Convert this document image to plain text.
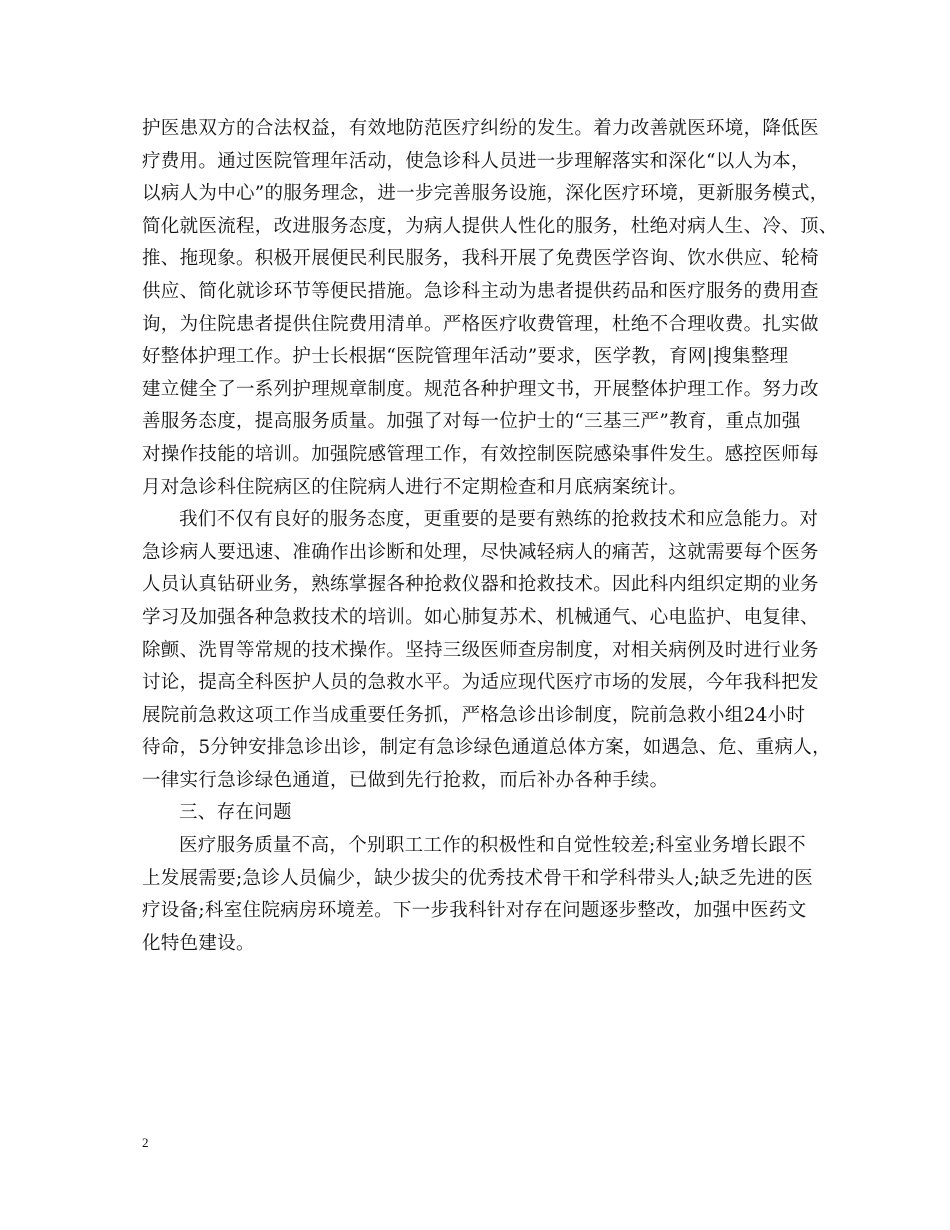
护医患双方的合法权益，有效地防范医疗纠纷的发生。着力改善就医环境，降低医
疗费用。通过医院管理年活动，使急诊科人员进一步理解落实和深化“以人为本，
以病人为中心”的服务理念，进一步完善服务设施，深化医疗环境，更新服务模式，
简化就医流程，改进服务态度，为病人提供人性化的服务，杜绝对病人生、冷、顶、
推、拖现象。积极开展便民利民服务，我科开展了免费医学咨询、饮水供应、轮椅
供应、简化就诊环节等便民措施。急诊科主动为患者提供药品和医疗服务的费用查
询，为住院患者提供住院费用清单。严格医疗收费管理，杜绝不合理收费。扎实做
好整体护理工作。护士长根据“医院管理年活动”要求，医学教，育网|搜集整理
建立健全了一系列护理规章制度。规范各种护理文书，开展整体护理工作。努力改
善服务态度，提高服务质量。加强了对每一位护士的“三基三严”教育，重点加强
对操作技能的培训。加强院感管理工作，有效控制医院感染事件发生。感控医师每
月对急诊科住院病区的住院病人进行不定期检查和月底病案统计。
我们不仅有良好的服务态度，更重要的是要有熟练的抢救技术和应急能力。对
急诊病人要迅速、准确作出诊断和处理，尽快减轻病人的痛苦，这就需要每个医务
人员认真钻研业务，熟练掌握各种抢救仪器和抢救技术。因此科内组织定期的业务
学习及加强各种急救技术的培训。如心肺复苏术、机械通气、心电监护、电复律、
除颤、洗胃等常规的技术操作。坚持三级医师查房制度，对相关病例及时进行业务
讨论，提高全科医护人员的急救水平。为适应现代医疗市场的发展，今年我科把发
展院前急救这项工作当成重要任务抓，严格急诊出诊制度，院前急救小组24小时
待命，5分钟安排急诊出诊，制定有急诊绿色通道总体方案，如遇急、危、重病人，
一律实行急诊绿色通道，已做到先行抢救，而后补办各种手续。
三、存在问题
医疗服务质量不高，个别职工工作的积极性和自觉性较差;科室业务增长跟不
上发展需要;急诊人员偏少，缺少拔尖的优秀技术骨干和学科带头人;缺乏先进的医
疗设备;科室住院病房环境差。下一步我科针对存在问题逐步整改，加强中医药文
化特色建设。
2
